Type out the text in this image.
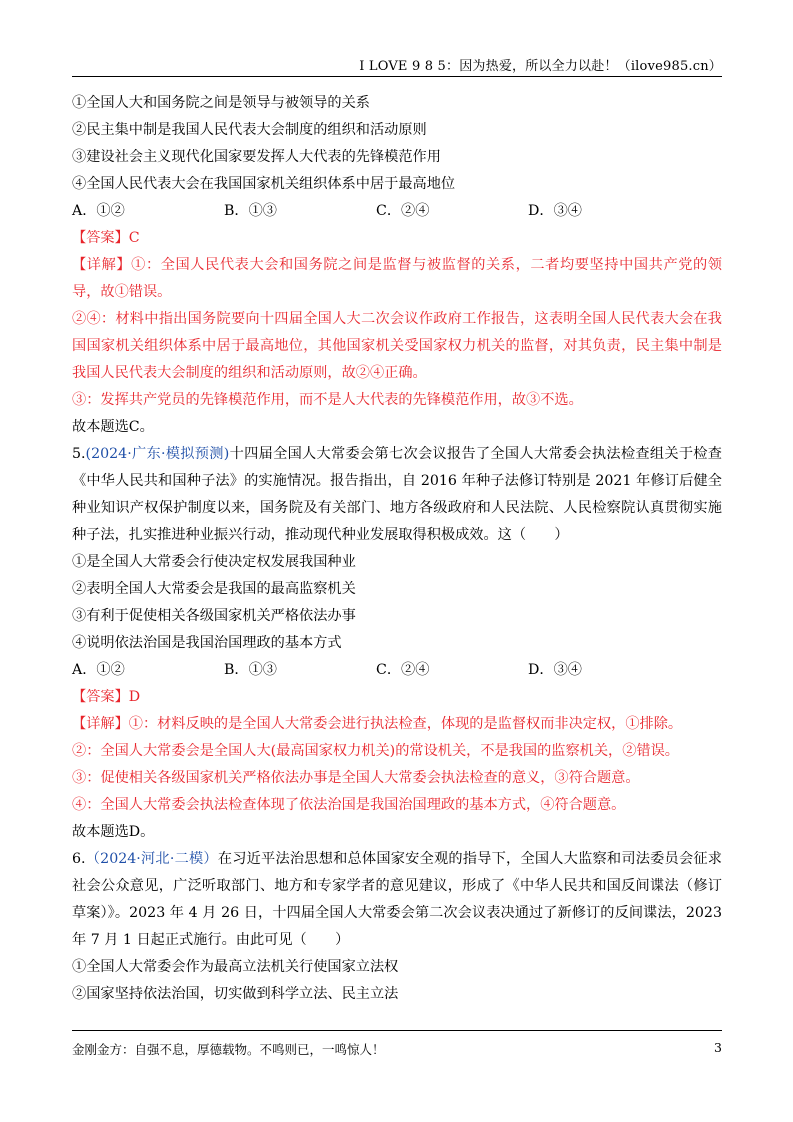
I LOVE 9 8 5：因为热爱，所以全力以赴！（ilove985.cn）
①全国人大和国务院之间是领导与被领导的关系
②民主集中制是我国人民代表大会制度的组织和活动原则
③建设社会主义现代化国家要发挥人大代表的先锋模范作用
④全国人民代表大会在我国国家机关组织体系中居于最高地位
A．①②	B．①③	C．②④	D．③④
【答案】C
【详解】①：全国人民代表大会和国务院之间是监督与被监督的关系，二者均要坚持中国共产党的领导，故①错误。
②④：材料中指出国务院要向十四届全国人大二次会议作政府工作报告，这表明全国人民代表大会在我国国家机关组织体系中居于最高地位，其他国家机关受国家权力机关的监督，对其负责，民主集中制是我国人民代表大会制度的组织和活动原则，故②④正确。
③：发挥共产党员的先锋模范作用，而不是人大代表的先锋模范作用，故③不选。
故本题选C。
5.(2024·广东·模拟预测)十四届全国人大常委会第七次会议报告了全国人大常委会执法检查组关于检查《中华人民共和国种子法》的实施情况。报告指出，自 2016 年种子法修订特别是 2021 年修订后健全种业知识产权保护制度以来，国务院及有关部门、地方各级政府和人民法院、人民检察院认真贯彻实施种子法，扎实推进种业振兴行动，推动现代种业发展取得积极成效。这（　　）
①是全国人大常委会行使决定权发展我国种业
②表明全国人大常委会是我国的最高监察机关
③有利于促使相关各级国家机关严格依法办事
④说明依法治国是我国治国理政的基本方式
A．①②	B．①③	C．②④	D．③④
【答案】D
【详解】①：材料反映的是全国人大常委会进行执法检查，体现的是监督权而非决定权，①排除。
②：全国人大常委会是全国人大(最高国家权力机关)的常设机关，不是我国的监察机关，②错误。
③：促使相关各级国家机关严格依法办事是全国人大常委会执法检查的意义，③符合题意。
④：全国人大常委会执法检查体现了依法治国是我国治国理政的基本方式，④符合题意。
故本题选D。
6.（2024·河北·二模）在习近平法治思想和总体国家安全观的指导下，全国人大监察和司法委员会征求社会公众意见，广泛听取部门、地方和专家学者的意见建议，形成了《中华人民共和国反间谍法（修订草案）》。2023 年 4 月 26 日，十四届全国人大常委会第二次会议表决通过了新修订的反间谍法，2023 年 7 月 1 日起正式施行。由此可见（　　）
①全国人大常委会作为最高立法机关行使国家立法权
②国家坚持依法治国，切实做到科学立法、民主立法
金刚金方：自强不息，厚德载物。不鸣则已，一鸣惊人！	3
